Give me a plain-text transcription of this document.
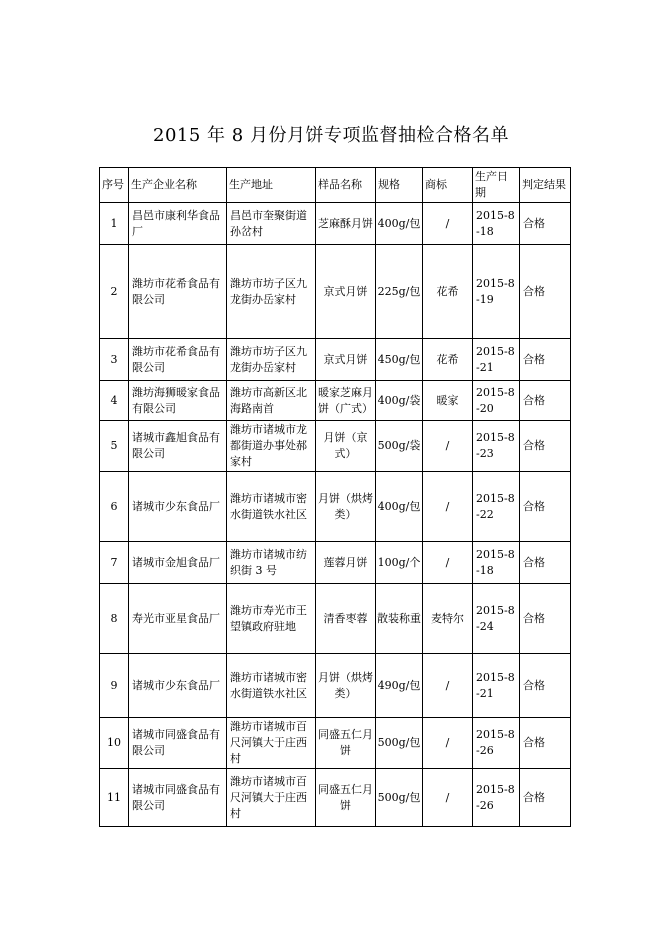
2015 年 8 月份月饼专项监督抽检合格名单
序号	生产企业名称	生产地址	样品名称	规格	商标	生产日期	判定结果
1	昌邑市康利华食品厂	昌邑市奎聚街道孙岔村	芝麻酥月饼	400g/包	/	2015-8-18	合格
2	潍坊市花希食品有限公司	潍坊市坊子区九龙街办岳家村	京式月饼	225g/包	花希	2015-8-19	合格
3	潍坊市花希食品有限公司	潍坊市坊子区九龙街办岳家村	京式月饼	450g/包	花希	2015-8-21	合格
4	潍坊海狮暖家食品有限公司	潍坊市高新区北海路南首	暖家芝麻月饼（广式）	400g/袋	暖家	2015-8-20	合格
5	诸城市鑫旭食品有限公司	潍坊市诸城市龙都街道办事处郝家村	月饼（京式）	500g/袋	/	2015-8-23	合格
6	诸城市少东食品厂	潍坊市诸城市密水街道铁水社区	月饼（烘烤类）	400g/包	/	2015-8-22	合格
7	诸城市金旭食品厂	潍坊市诸城市纺织街 3 号	莲蓉月饼	100g/个	/	2015-8-18	合格
8	寿光市亚星食品厂	潍坊市寿光市王望镇政府驻地	清香枣蓉	散装称重	麦特尔	2015-8-24	合格
9	诸城市少东食品厂	潍坊市诸城市密水街道铁水社区	月饼（烘烤类）	490g/包	/	2015-8-21	合格
10	诸城市同盛食品有限公司	潍坊市诸城市百尺河镇大于庄西村	同盛五仁月饼	500g/包	/	2015-8-26	合格
11	诸城市同盛食品有限公司	潍坊市诸城市百尺河镇大于庄西村	同盛五仁月饼	500g/包	/	2015-8-26	合格
